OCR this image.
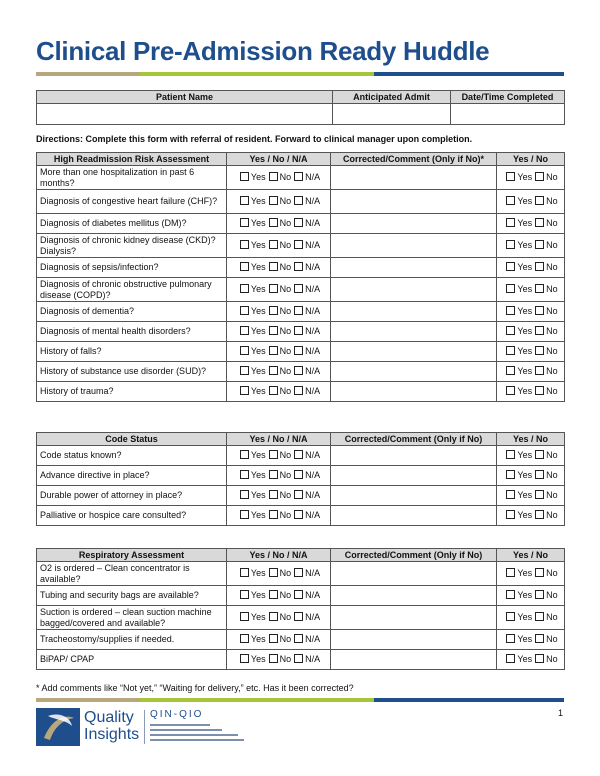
Clinical Pre-Admission Ready Huddle
Patient Name	Anticipated Admit	Date/Time Completed

Directions: Complete this form with referral of resident. Forward to clinical manager upon completion.
High Readmission Risk Assessment	Yes / No / N/A	Corrected/Comment (Only if No)*	Yes / No
More than one hospitalization in past 6 months?	Yes No N/A		Yes No
Diagnosis of congestive heart failure (CHF)?	Yes No N/A		Yes No
Diagnosis of diabetes mellitus (DM)?	Yes No N/A		Yes No
Diagnosis of chronic kidney disease (CKD)? Dialysis?	Yes No N/A		Yes No
Diagnosis of sepsis/infection?	Yes No N/A		Yes No
Diagnosis of chronic obstructive pulmonary disease (COPD)?	Yes No N/A		Yes No
Diagnosis of dementia?	Yes No N/A		Yes No
Diagnosis of mental health disorders?	Yes No N/A		Yes No
History of falls?	Yes No N/A		Yes No
History of substance use disorder (SUD)?	Yes No N/A		Yes No
History of trauma?	Yes No N/A		Yes No
Code Status	Yes / No / N/A	Corrected/Comment (Only if No)	Yes / No
Code status known?	Yes No N/A		Yes No
Advance directive in place?	Yes No N/A		Yes No
Durable power of attorney in place?	Yes No N/A		Yes No
Palliative or hospice care consulted?	Yes No N/A		Yes No
Respiratory Assessment	Yes / No / N/A	Corrected/Comment (Only if No)	Yes / No
O2 is ordered – Clean concentrator is available?	Yes No N/A		Yes No
Tubing and security bags are available?	Yes No N/A		Yes No
Suction is ordered – clean suction machine bagged/covered and available?	Yes No N/A		Yes No
Tracheostomy/supplies if needed.	Yes No N/A		Yes No
BiPAP/ CPAP	Yes No N/A		Yes No
* Add comments like “Not yet,” “Waiting for delivery,” etc. Has it been corrected?
Quality
Insights
QIN-QIO	1
